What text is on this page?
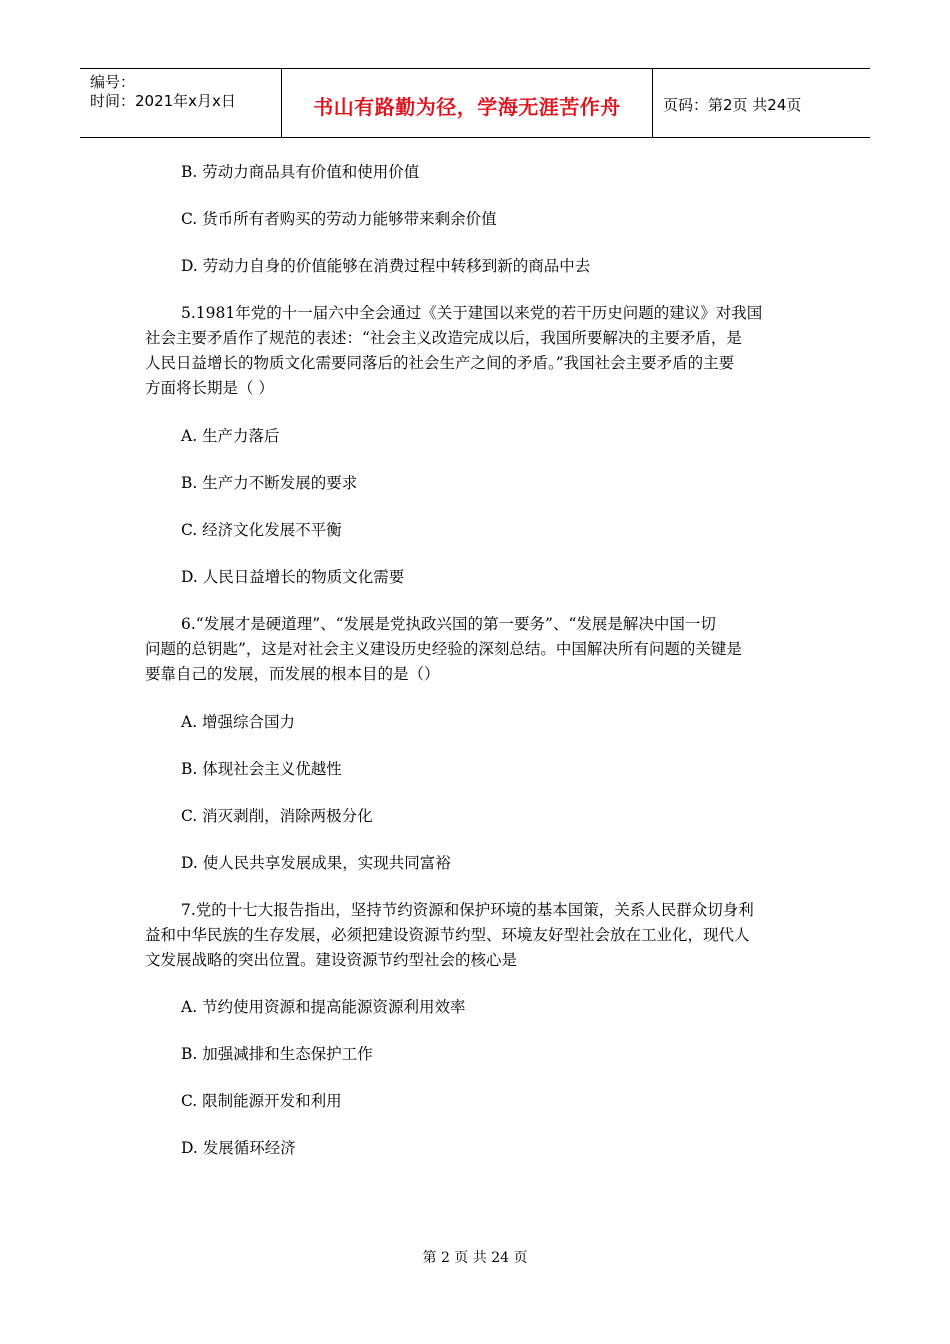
编号：
时间：2021年x月x日	书山有路勤为径，学海无涯苦作舟	页码：第2页 共24页
B. 劳动力商品具有价值和使用价值
C. 货币所有者购买的劳动力能够带来剩余价值
D. 劳动力自身的价值能够在消费过程中转移到新的商品中去
5.1981年党的十一届六中全会通过《关于建国以来党的若干历史问题的建议》对我国
社会主要矛盾作了规范的表述：“社会主义改造完成以后，我国所要解决的主要矛盾，是
人民日益增长的物质文化需要同落后的社会生产之间的矛盾。”我国社会主要矛盾的主要
方面将长期是（ ）
A. 生产力落后
B. 生产力不断发展的要求
C. 经济文化发展不平衡
D. 人民日益增长的物质文化需要
6.“发展才是硬道理”、“发展是党执政兴国的第一要务”、“发展是解决中国一切
问题的总钥匙”，这是对社会主义建设历史经验的深刻总结。中国解决所有问题的关键是
要靠自己的发展，而发展的根本目的是（）
A. 增强综合国力
B. 体现社会主义优越性
C. 消灭剥削，消除两极分化
D. 使人民共享发展成果，实现共同富裕
7.党的十七大报告指出，坚持节约资源和保护环境的基本国策，关系人民群众切身利
益和中华民族的生存发展，必须把建设资源节约型、环境友好型社会放在工业化，现代人
文发展战略的突出位置。建设资源节约型社会的核心是
A. 节约使用资源和提高能源资源利用效率
B. 加强减排和生态保护工作
C. 限制能源开发和利用
D. 发展循环经济
第 2 页 共 24 页
